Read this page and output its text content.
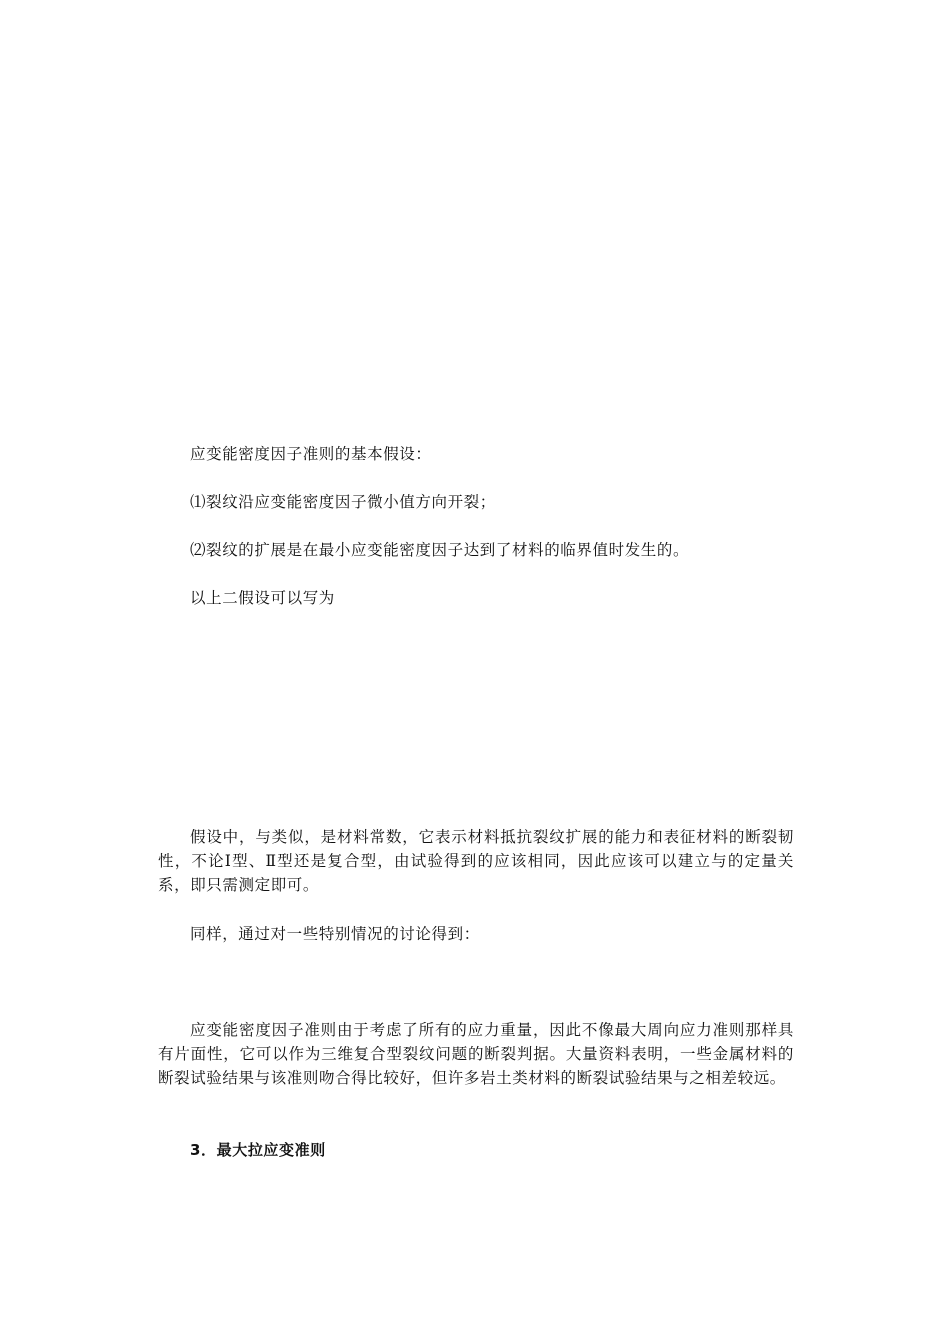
应变能密度因子准则的基本假设：

⑴裂纹沿应变能密度因子微小值方向开裂；

⑵裂纹的扩展是在最小应变能密度因子达到了材料的临界值时发生的。

以上二假设可以写为

假设中，与类似，是材料常数，它表示材料抵抗裂纹扩展的能力和表征材料的断裂韧性，不论Ⅰ型、Ⅱ型还是复合型，由试验得到的应该相同，因此应该可以建立与的定量关系，即只需测定即可。

同样，通过对一些特别情况的讨论得到：

应变能密度因子准则由于考虑了所有的应力重量，因此不像最大周向应力准则那样具有片面性，它可以作为三维复合型裂纹问题的断裂判据。大量资料表明，一些金属材料的断裂试验结果与该准则吻合得比较好，但许多岩土类材料的断裂试验结果与之相差较远。

3．最大拉应变准则
